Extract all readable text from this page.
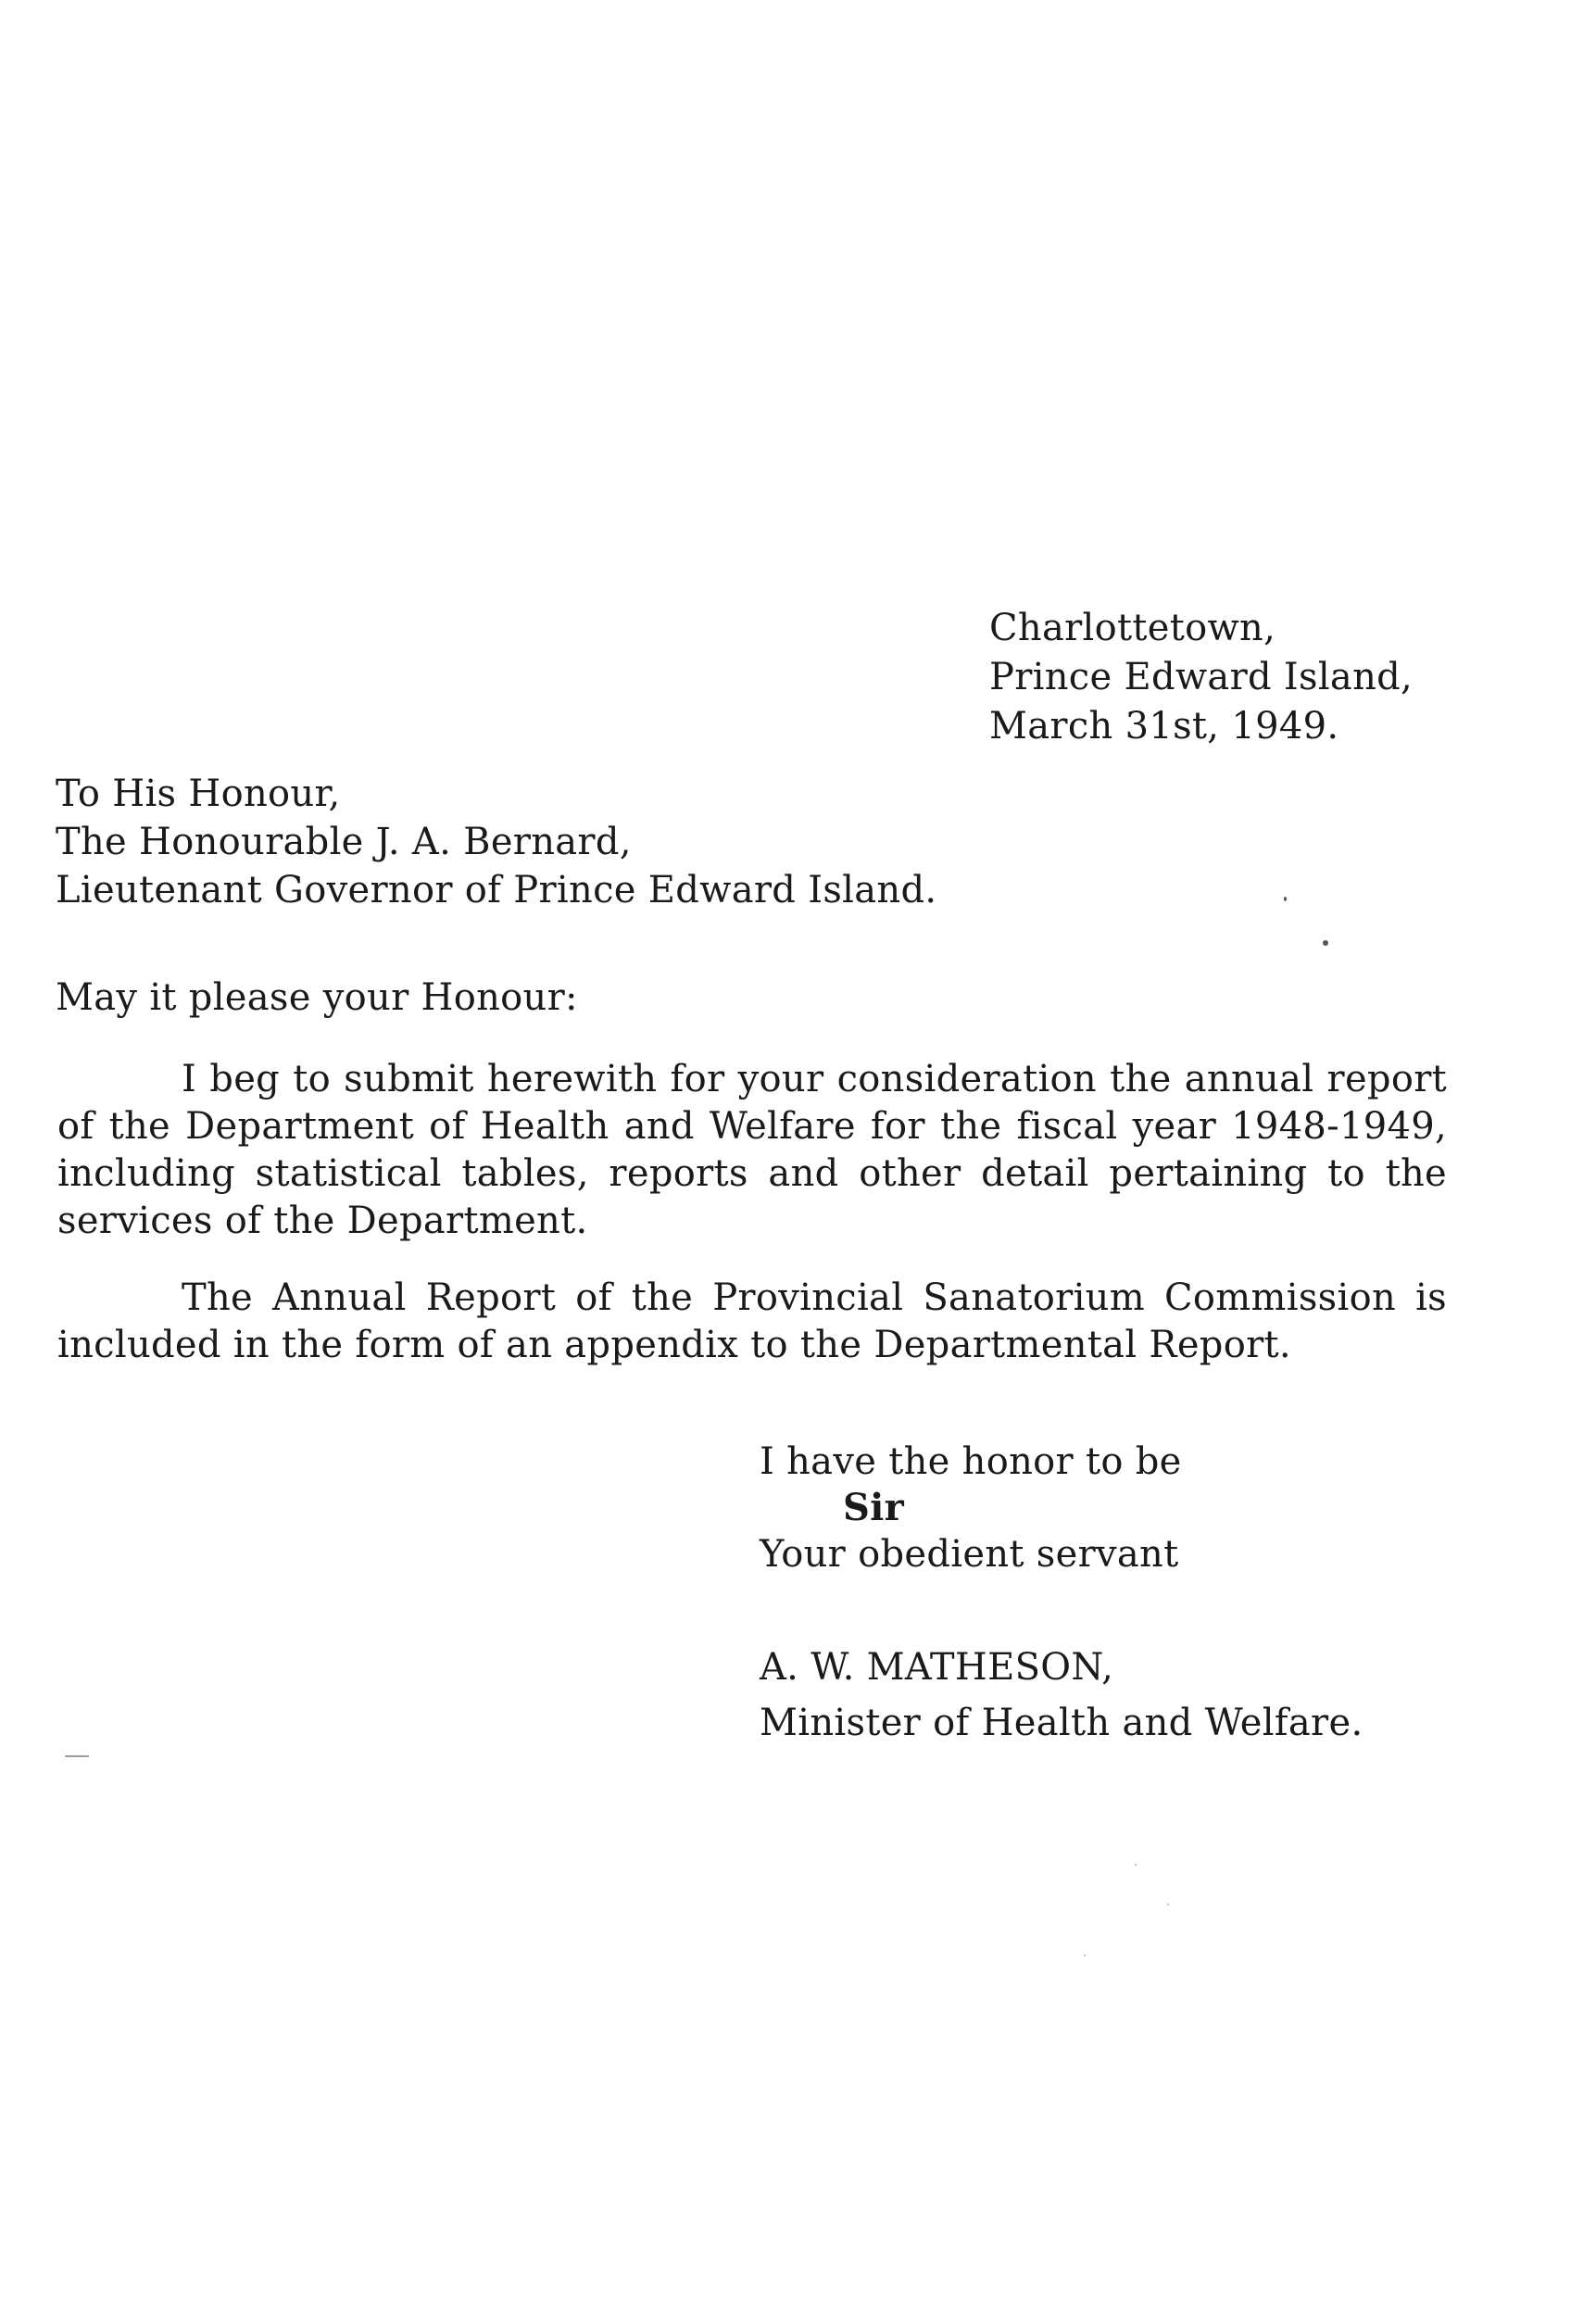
Charlottetown,
Prince Edward Island,
March 31st, 1949.
To His Honour,
The Honourable J. A. Bernard,
Lieutenant Governor of Prince Edward Island.
May it please your Honour:
I beg to submit herewith for your consideration the annual report
of the Department of Health and Welfare for the fiscal year 1948-1949,
including statistical tables, reports and other detail pertaining to the
services of the Department.
The Annual Report of the Provincial Sanatorium Commission is
included in the form of an appendix to the Departmental Report.
I have the honor to be
Sir
Your obedient servant
A. W. MATHESON,
Minister of Health and Welfare.
